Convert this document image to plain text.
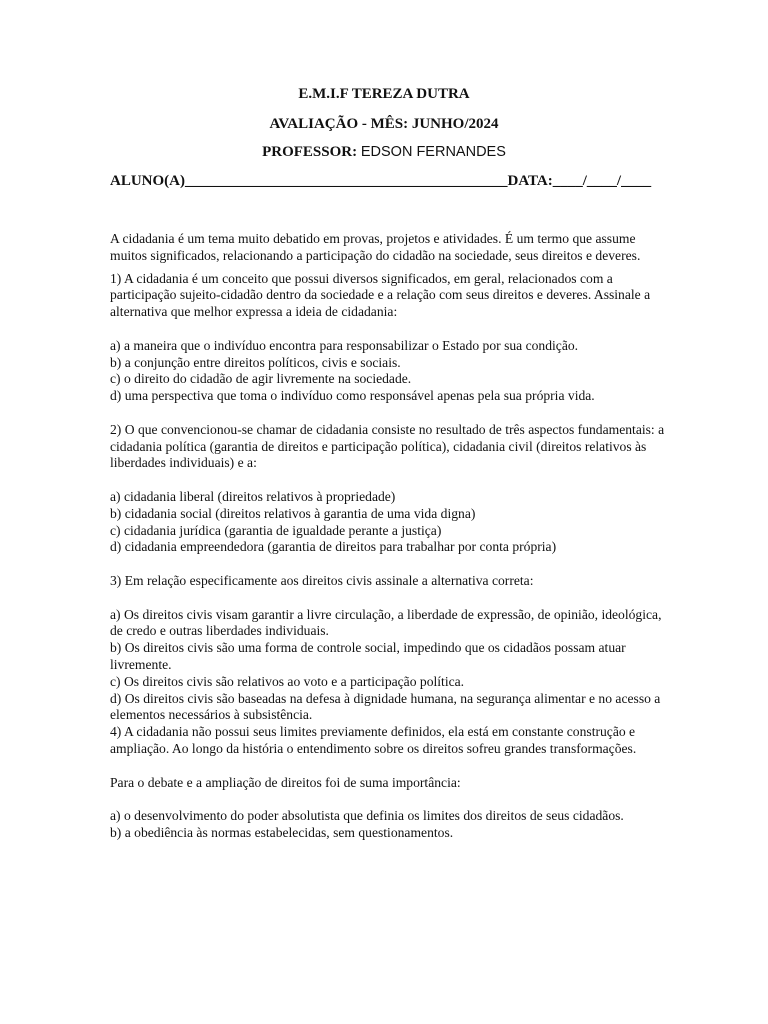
E.M.I.F TEREZA DUTRA
AVALIAÇÃO - MÊS: JUNHO/2024
PROFESSOR: EDSON FERNANDES
ALUNO(A)___________________________________________DATA:____/____/____

A cidadania é um tema muito debatido em provas, projetos e atividades. É um termo que assume muitos significados, relacionando a participação do cidadão na sociedade, seus direitos e deveres.

1) A cidadania é um conceito que possui diversos significados, em geral, relacionados com a participação sujeito-cidadão dentro da sociedade e a relação com seus direitos e deveres. Assinale a alternativa que melhor expressa a ideia de cidadania:

a) a maneira que o indivíduo encontra para responsabilizar o Estado por sua condição.

b) a conjunção entre direitos políticos, civis e sociais.

c) o direito do cidadão de agir livremente na sociedade.

d) uma perspectiva que toma o indivíduo como responsável apenas pela sua própria vida.

2) O que convencionou-se chamar de cidadania consiste no resultado de três aspectos fundamentais: a cidadania política (garantia de direitos e participação política), cidadania civil (direitos relativos às liberdades individuais) e a:

a) cidadania liberal (direitos relativos à propriedade)

b) cidadania social (direitos relativos à garantia de uma vida digna)

c) cidadania jurídica (garantia de igualdade perante a justiça)

d) cidadania empreendedora (garantia de direitos para trabalhar por conta própria)

3) Em relação especificamente aos direitos civis assinale a alternativa correta:

a) Os direitos civis visam garantir a livre circulação, a liberdade de expressão, de opinião, ideológica, de credo e outras liberdades individuais.

b) Os direitos civis são uma forma de controle social, impedindo que os cidadãos possam atuar livremente.

c) Os direitos civis são relativos ao voto e a participação política.

d) Os direitos civis são baseadas na defesa à dignidade humana, na segurança alimentar e no acesso a elementos necessários à subsistência.

4) A cidadania não possui seus limites previamente definidos, ela está em constante construção e ampliação. Ao longo da história o entendimento sobre os direitos sofreu grandes transformações.

Para o debate e a ampliação de direitos foi de suma importância:

a) o desenvolvimento do poder absolutista que definia os limites dos direitos de seus cidadãos.

b) a obediência às normas estabelecidas, sem questionamentos.
